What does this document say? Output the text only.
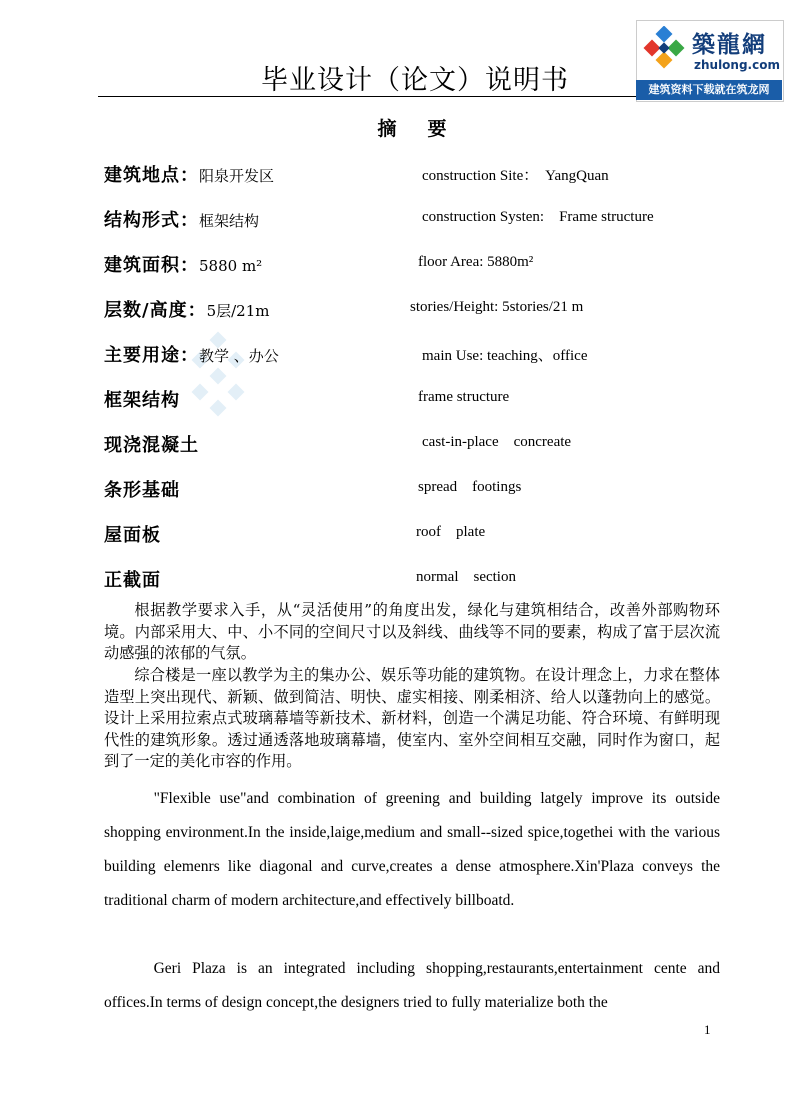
毕业设计（论文）说明书
築龍網
zhulong.com
建筑资料下载就在筑龙网
摘　要
建筑地点：阳泉开发区	construction Site：  YangQuan
结构形式：框架结构	construction Systen:    Frame structure
建筑面积：5880 m²	floor Area: 5880m²
层数/高度：5层/21m	stories/Height: 5stories/21 m
主要用途：教学 、办公	main Use: teaching、office
框架结构	frame structure
现浇混凝土	cast-in-place    concreate
条形基础	spread    footings
屋面板	roof    plate
正截面	normal    section

根据教学要求入手，从“灵活使用”的角度出发，绿化与建筑相结合，改善外部购物环境。内部采用大、中、小不同的空间尺寸以及斜线、曲线等不同的要素，构成了富于层次流动感强的浓郁的气氛。

综合楼是一座以教学为主的集办公、娱乐等功能的建筑物。在设计理念上，力求在整体造型上突出现代、新颖、做到简洁、明快、虚实相接、刚柔相济、给人以蓬勃向上的感觉。设计上采用拉索点式玻璃幕墙等新技术、新材料，创造一个满足功能、符合环境、有鲜明现代性的建筑形象。透过通透落地玻璃幕墙，使室内、室外空间相互交融，同时作为窗口，起到了一定的美化市容的作用。

"Flexible use"and combination of greening and building latgely improve its outside shopping environment.In the inside,laige,medium and small--sized spice,togethei with the various building elemenrs like diagonal and curve,creates a dense atmosphere.Xin'Plaza conveys the traditional charm of modern architecture,and effectively billboatd.

Geri Plaza is an integrated including shopping,restaurants,entertainment cente and offices.In terms of design concept,the designers tried to fully materialize both the

1
